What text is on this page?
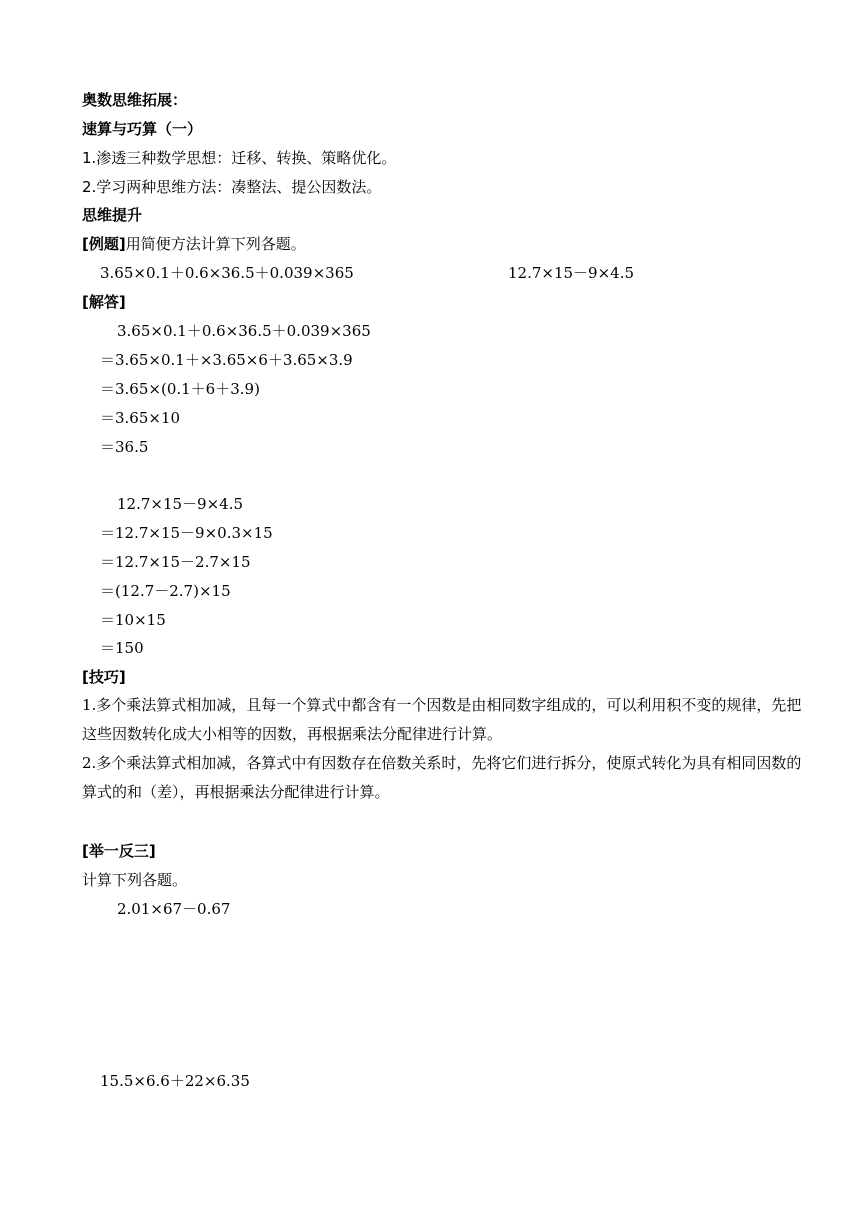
奥数思维拓展：
速算与巧算（一）
1.渗透三种数学思想：迁移、转换、策略优化。
2.学习两种思维方法：凑整法、提公因数法。
思维提升
[例题]用简便方法计算下列各题。
3.65×0.1＋0.6×36.5＋0.039×365	12.7×15－9×4.5
[解答]
3.65×0.1＋0.6×36.5＋0.039×365
＝3.65×0.1＋×3.65×6＋3.65×3.9
＝3.65×(0.1＋6＋3.9)
＝3.65×10
＝36.5
12.7×15－9×4.5
＝12.7×15－9×0.3×15
＝12.7×15－2.7×15
＝(12.7－2.7)×15
＝10×15
＝150
[技巧]
1.多个乘法算式相加减，且每一个算式中都含有一个因数是由相同数字组成的，可以利用积不变的规律，先把这些因数转化成大小相等的因数，再根据乘法分配律进行计算。
2.多个乘法算式相加减，各算式中有因数存在倍数关系时，先将它们进行拆分，使原式转化为具有相同因数的算式的和（差），再根据乘法分配律进行计算。
[举一反三]
计算下列各题。
2.01×67－0.67
15.5×6.6＋22×6.35
